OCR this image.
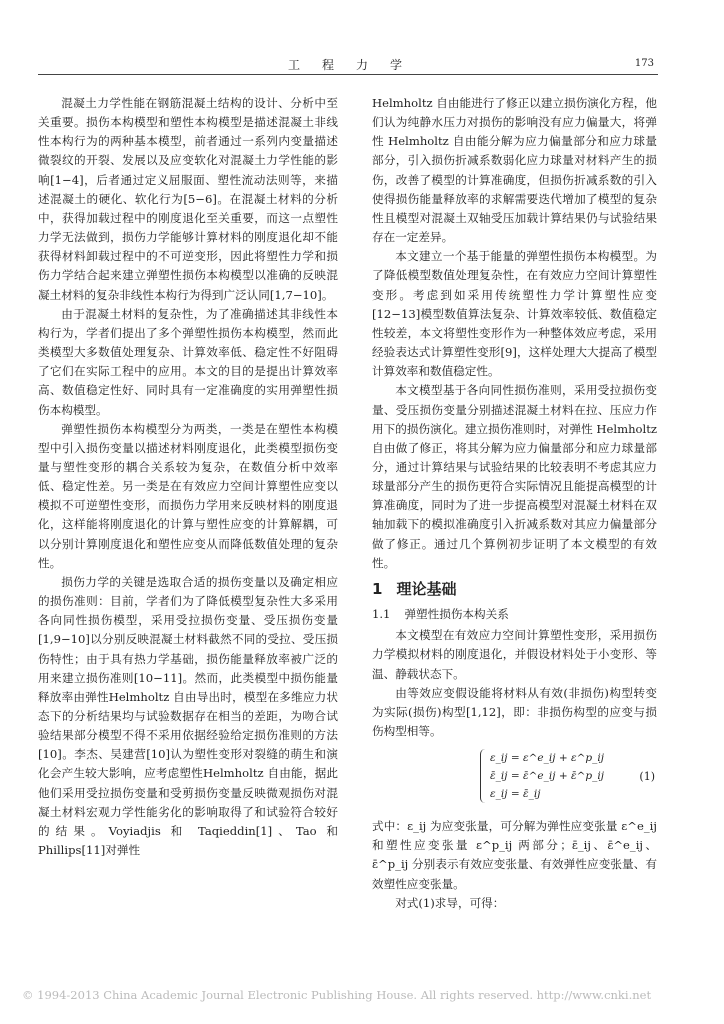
工程力学	173

混凝土力学性能在钢筋混凝土结构的设计、分析中至关重要。损伤本构模型和塑性本构模型是描述混凝土非线性本构行为的两种基本模型，前者通过一系列内变量描述微裂纹的开裂、发展以及应变软化对混凝土力学性能的影响[1−4]，后者通过定义屈服面、塑性流动法则等，来描述混凝土的硬化、软化行为[5−6]。在混凝土材料的分析中，获得加载过程中的刚度退化至关重要，而这一点塑性力学无法做到，损伤力学能够计算材料的刚度退化却不能获得材料卸载过程中的不可逆变形，因此将塑性力学和损伤力学结合起来建立弹塑性损伤本构模型以准确的反映混凝土材料的复杂非线性本构行为得到广泛认同[1,7−10]。

由于混凝土材料的复杂性，为了准确描述其非线性本构行为，学者们提出了多个弹塑性损伤本构模型，然而此类模型大多数值处理复杂、计算效率低、稳定性不好阻碍了它们在实际工程中的应用。本文的目的是提出计算效率高、数值稳定性好、同时具有一定准确度的实用弹塑性损伤本构模型。

弹塑性损伤本构模型分为两类，一类是在塑性本构模型中引入损伤变量以描述材料刚度退化，此类模型损伤变量与塑性变形的耦合关系较为复杂，在数值分析中效率低、稳定性差。另一类是在有效应力空间计算塑性应变以模拟不可逆塑性变形，而损伤力学用来反映材料的刚度退化，这样能将刚度退化的计算与塑性应变的计算解耦，可以分别计算刚度退化和塑性应变从而降低数值处理的复杂性。

损伤力学的关键是选取合适的损伤变量以及确定相应的损伤准则：目前，学者们为了降低模型复杂性大多采用各向同性损伤模型，采用受拉损伤变量、受压损伤变量[1,9−10]以分别反映混凝土材料截然不同的受拉、受压损伤特性；由于具有热力学基础，损伤能量释放率被广泛的用来建立损伤准则[10−11]。然而，此类模型中损伤能量释放率由弹性Helmholtz 自由导出时，模型在多维应力状态下的分析结果均与试验数据存在相当的差距，为吻合试验结果部分模型不得不采用依据经验给定损伤准则的方法[10]。李杰、吴建营[10]认为塑性变形对裂缝的萌生和演化会产生较大影响，应考虑塑性Helmholtz 自由能，据此他们采用受拉损伤变量和受剪损伤变量反映微观损伤对混凝土材料宏观力学性能劣化的影响取得了和试验符合较好的结果。Voyiadjis 和 Taqieddin[1]、Tao 和 Phillips[11]对弹性

Helmholtz 自由能进行了修正以建立损伤演化方程，他们认为纯静水压力对损伤的影响没有应力偏量大，将弹性 Helmholtz 自由能分解为应力偏量部分和应力球量部分，引入损伤折减系数弱化应力球量对材料产生的损伤，改善了模型的计算准确度，但损伤折减系数的引入使得损伤能量释放率的求解需要迭代增加了模型的复杂性且模型对混凝土双轴受压加载计算结果仍与试验结果存在一定差异。

本文建立一个基于能量的弹塑性损伤本构模型。为了降低模型数值处理复杂性，在有效应力空间计算塑性变形。考虑到如采用传统塑性力学计算塑性应变[12−13]模型数值算法复杂、计算效率较低、数值稳定性较差，本文将塑性变形作为一种整体效应考虑，采用经验表达式计算塑性变形[9]，这样处理大大提高了模型计算效率和数值稳定性。

本文模型基于各向同性损伤准则，采用受拉损伤变量、受压损伤变量分别描述混凝土材料在拉、压应力作用下的损伤演化。建立损伤准则时，对弹性 Helmholtz 自由做了修正，将其分解为应力偏量部分和应力球量部分，通过计算结果与试验结果的比较表明不考虑其应力球量部分产生的损伤更符合实际情况且能提高模型的计算准确度，同时为了进一步提高模型对混凝土材料在双轴加载下的模拟准确度引入折减系数对其应力偏量部分做了修正。通过几个算例初步证明了本文模型的有效性。

1 理论基础
1.1 弹塑性损伤本构关系

本文模型在有效应力空间计算塑性变形，采用损伤力学模拟材料的刚度退化，并假设材料处于小变形、等温、静载状态下。

由等效应变假设能将材料从有效(非损伤)构型转变为实际(损伤)构型[1,12]，即：非损伤构型的应变与损伤构型相等。

ε_ij = ε^e_ij + ε^p_ij
ε̄_ij = ε̄^e_ij + ε̄^p_ij
ε_ij = ε̄_ij
(1)

式中：ε_ij 为应变张量，可分解为弹性应变张量 ε^e_ij 和塑性应变张量 ε^p_ij 两部分；ε̄_ij、ε̄^e_ij、ε̄^p_ij 分别表示有效应变张量、有效弹性应变张量、有效塑性应变张量。

对式(1)求导，可得：

© 1994-2013 China Academic Journal Electronic Publishing House. All rights reserved. http://www.cnki.net
